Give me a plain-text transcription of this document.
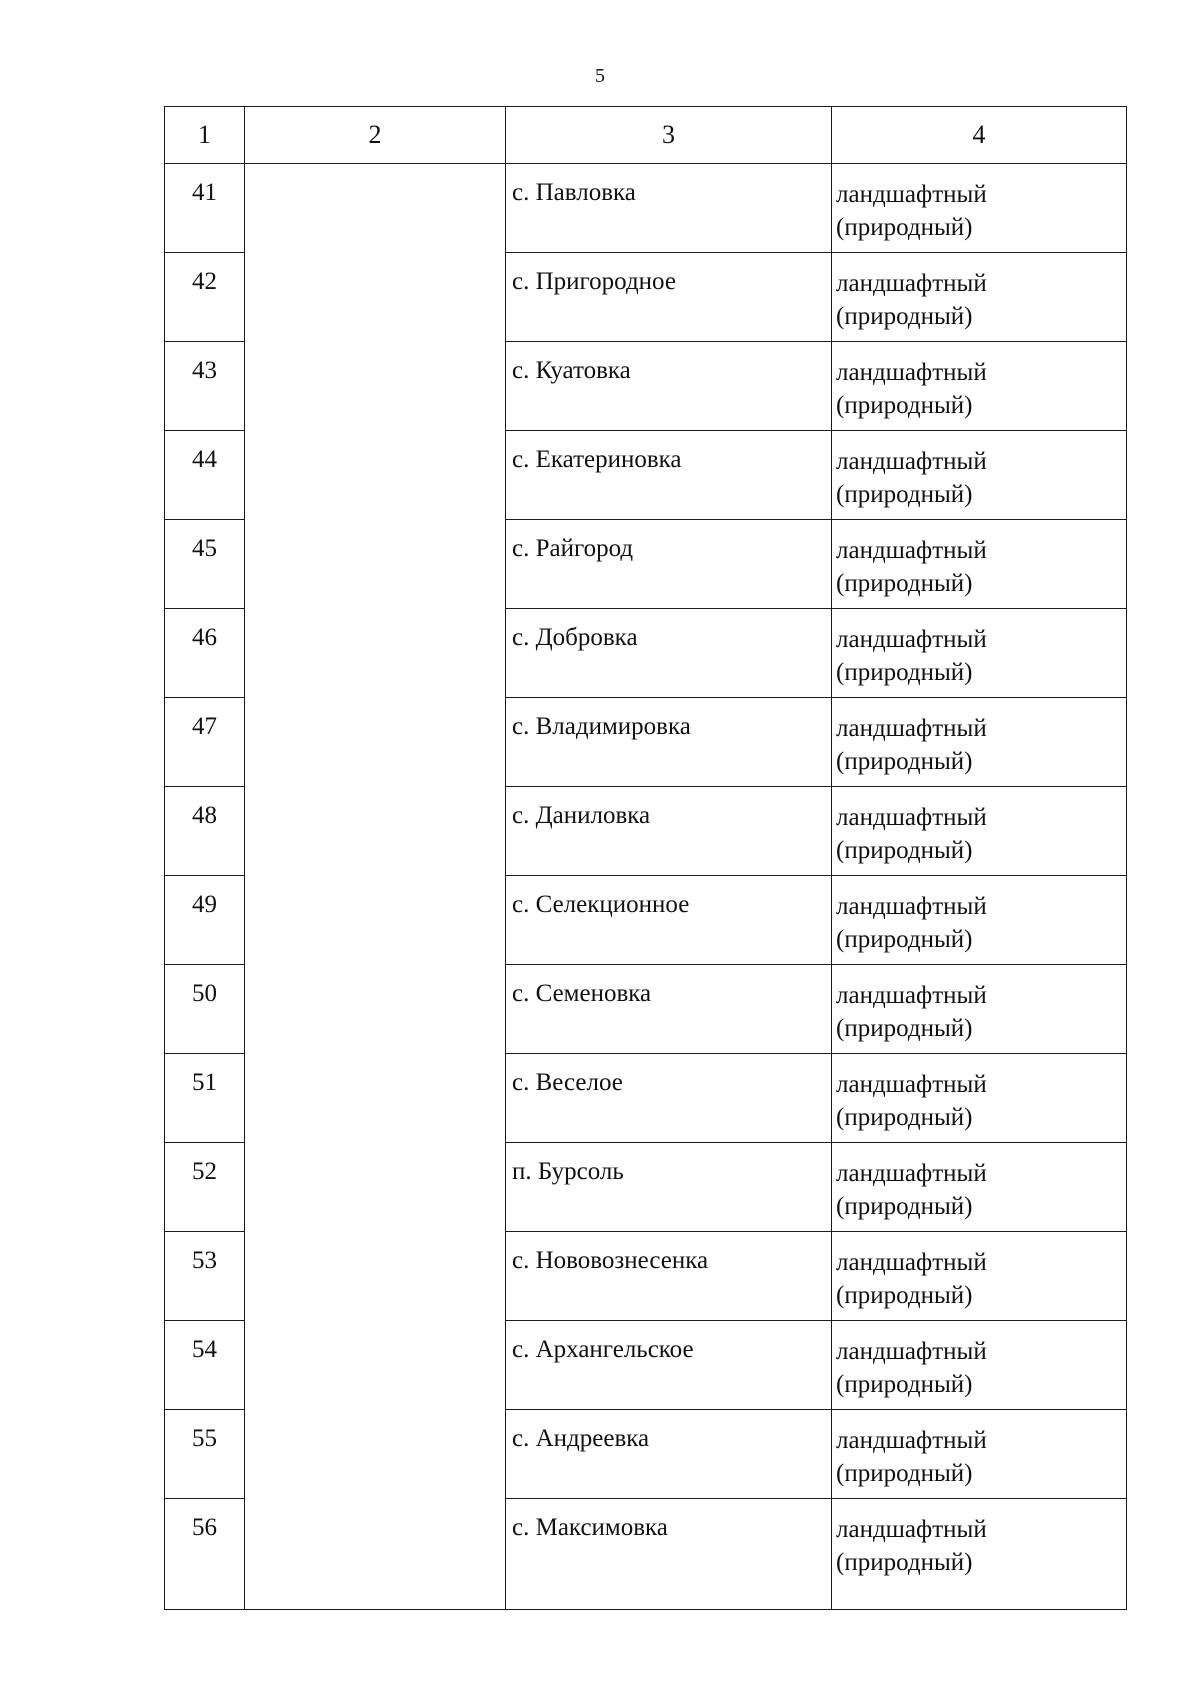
5
1	2	3	4
41		с. Павловка	ландшафтный
(природный)

42		с. Пригородное	ландшафтный
(природный)

43		с. Куатовка	ландшафтный
(природный)

44		с. Екатериновка	ландшафтный
(природный)

45		с. Райгород	ландшафтный
(природный)

46		с. Добровка	ландшафтный
(природный)

47		с. Владимировка	ландшафтный
(природный)

48		с. Даниловка	ландшафтный
(природный)

49		с. Селекционное	ландшафтный
(природный)

50		с. Семеновка	ландшафтный
(природный)

51		с. Веселое	ландшафтный
(природный)

52		п. Бурсоль	ландшафтный
(природный)

53		с. Нововознесенка	ландшафтный
(природный)

54		с. Архангельское	ландшафтный
(природный)

55		с. Андреевка	ландшафтный
(природный)

56		с. Максимовка	ландшафтный
(природный)
